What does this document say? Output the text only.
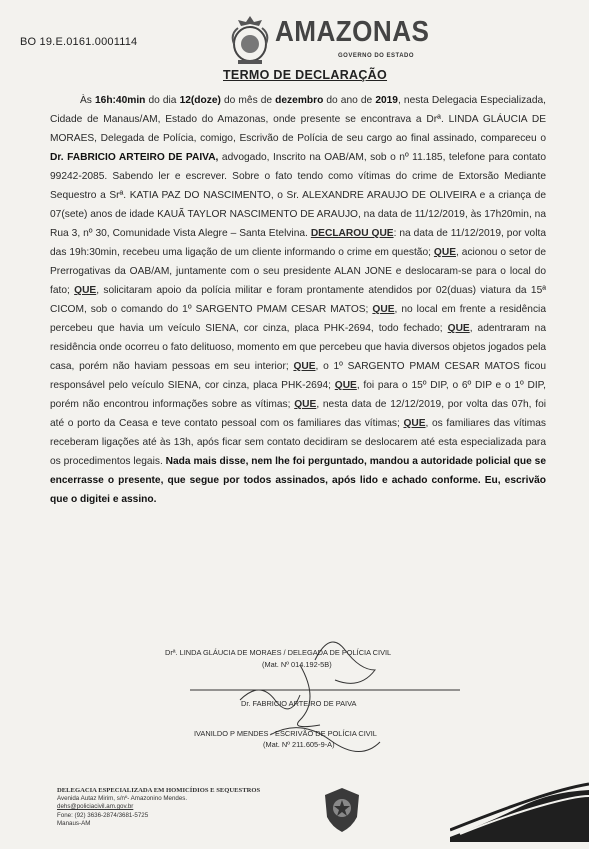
BO 19.E.0161.0001114	AMAZONAS
GOVERNO DO ESTADO
TERMO DE DECLARAÇÃO
Às 16h:40min do dia 12(doze) do mês de dezembro do ano de 2019, nesta Delegacia Especializada, Cidade de Manaus/AM, Estado do Amazonas, onde presente se encontrava a Drª. LINDA GLÁUCIA DE MORAES, Delegada de Polícia, comigo, Escrivão de Polícia de seu cargo ao final assinado, compareceu o Dr. FABRICIO ARTEIRO DE PAIVA, advogado, Inscrito na OAB/AM, sob o nº 11.185, telefone para contato 99242-2085. Sabendo ler e escrever. Sobre o fato tendo como vítimas do crime de Extorsão Mediante Sequestro a Srª. KATIA PAZ DO NASCIMENTO, o Sr. ALEXANDRE ARAUJO DE OLIVEIRA e a criança de 07(sete) anos de idade KAUÃ TAYLOR NASCIMENTO DE ARAUJO, na data de 11/12/2019, às 17h20min, na Rua 3, nº 30, Comunidade Vista Alegre – Santa Etelvina. DECLAROU QUE: na data de 11/12/2019, por volta das 19h:30min, recebeu uma ligação de um cliente informando o crime em questão; QUE, acionou o setor de Prerrogativas da OAB/AM, juntamente com o seu presidente ALAN JONE e deslocaram-se para o local do fato; QUE, solicitaram apoio da polícia militar e foram prontamente atendidos por 02(duas) viatura da 15ª CICOM, sob o comando do 1º SARGENTO PMAM CESAR MATOS; QUE, no local em frente a residência percebeu que havia um veículo SIENA, cor cinza, placa PHK-2694, todo fechado; QUE, adentraram na residência onde ocorreu o fato delituoso, momento em que percebeu que havia diversos objetos jogados pela casa, porém não haviam pessoas em seu interior; QUE, o 1º SARGENTO PMAM CESAR MATOS ficou responsável pelo veículo SIENA, cor cinza, placa PHK-2694; QUE, foi para o 15º DIP, o 6º DIP e o 1º DIP, porém não encontrou informações sobre as vítimas; QUE, nesta data de 12/12/2019, por volta das 07h, foi até o porto da Ceasa e teve contato pessoal com os familiares das vítimas; QUE, os familiares das vítimas receberam ligações até às 13h, após ficar sem contato decidiram se deslocarem até esta especializada para os procedimentos legais. Nada mais disse, nem lhe foi perguntado, mandou a autoridade policial que se encerrasse o presente, que segue por todos assinados, após lido e achado conforme. Eu, escrivão que o digitei e assino.
Drª. LINDA GLÁUCIA DE MORAES / DELEGADA DE POLÍCIA CIVIL
(Mat. Nº 014.192-5B)
Dr. FABRICIO ARTEIRO DE PAIVA
IVANILDO P MENDES - ESCRIVÃO DE POLÍCIA CIVIL
(Mat. Nº 211.605-9-A)
DELEGACIA ESPECIALIZADA EM HOMICÍDIOS E SEQUESTROS
Avenida Autaz Mirim, s/nº- Amazonino Mendes.
dehs@policiacivil.am.gov.br
Fone: (92) 3636-2874/3681-5725
Manaus-AM
